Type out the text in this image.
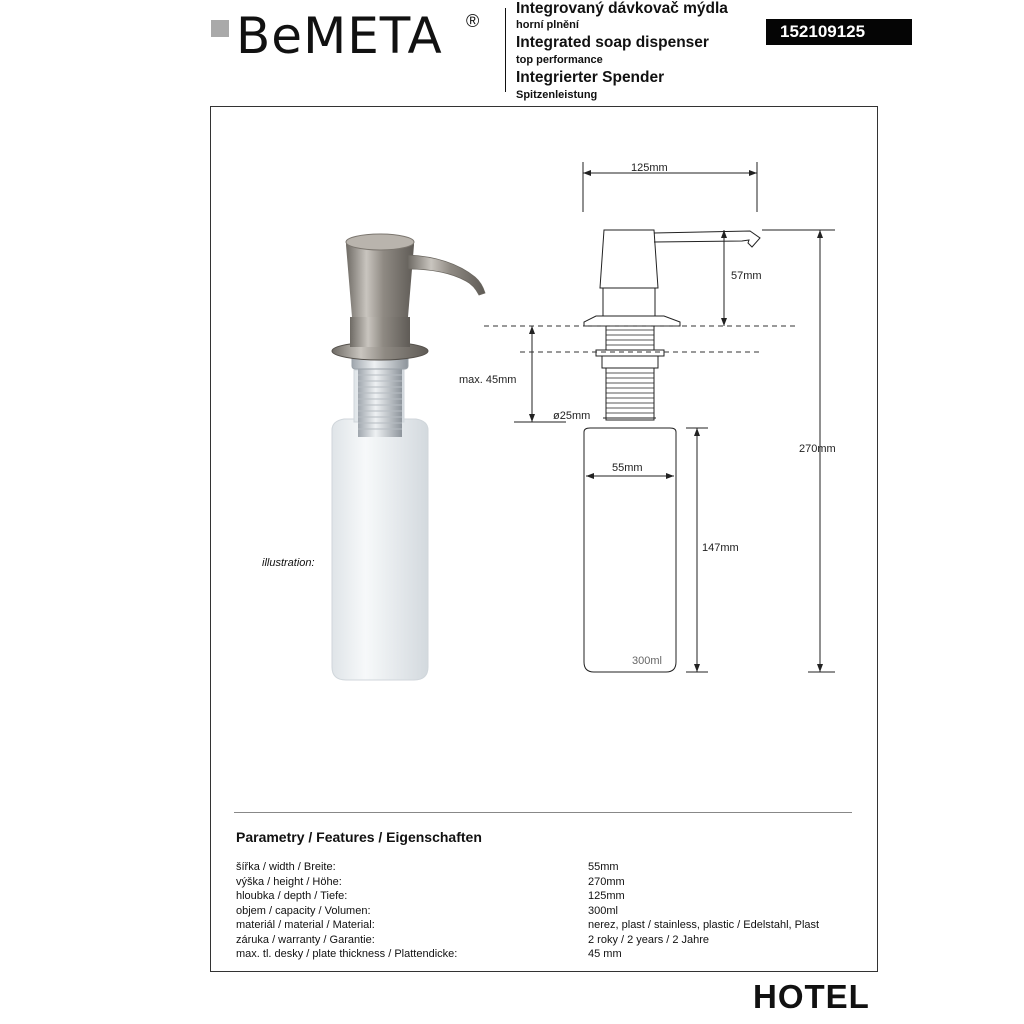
BeMETA ®
Integrovaný dávkovač mýdla
horní plnění
Integrated soap dispenser
top performance
Integrierter Spender
Spitzenleistung
152109125
illustration:
125mm
57mm
270mm
max. 45mm
ø25mm
55mm
147mm
300ml
Parametry / Features / Eigenschaften
šířka / width / Breite:	55mm
výška / height / Höhe:	270mm
hloubka / depth / Tiefe:	125mm
objem / capacity / Volumen:	300ml
materiál / material / Material:	nerez, plast / stainless, plastic / Edelstahl, Plast
záruka / warranty / Garantie:	2 roky / 2 years / 2 Jahre
max. tl. desky / plate thickness / Plattendicke:	45 mm
HOTEL
